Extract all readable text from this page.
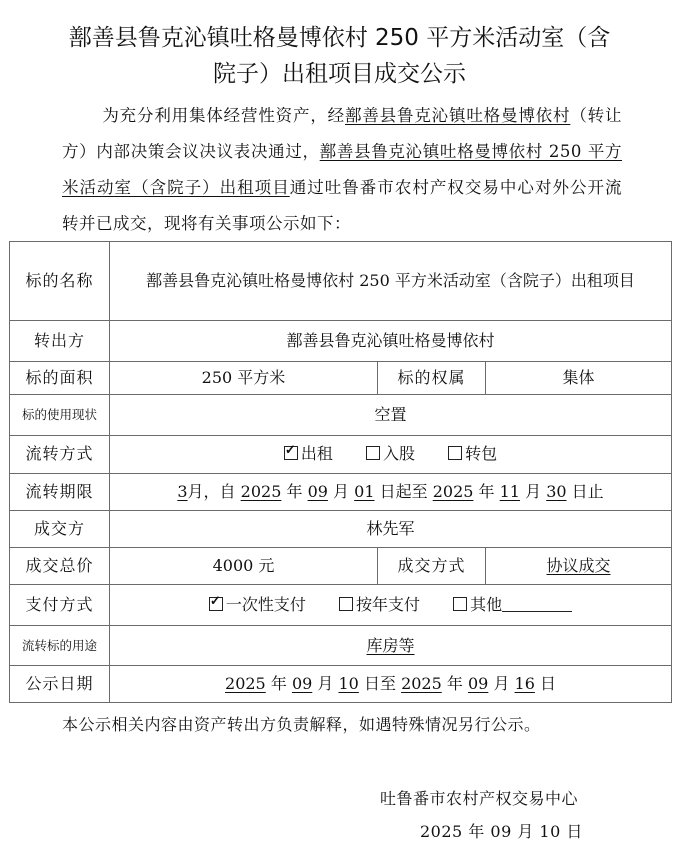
鄯善县鲁克沁镇吐格曼博依村 250 平方米活动室（含
院子）出租项目成交公示
为充分利用集体经营性资产，经鄯善县鲁克沁镇吐格曼博依村（转让方）内部决策会议决议表决通过，鄯善县鲁克沁镇吐格曼博依村 250 平方米活动室（含院子）出租项目通过吐鲁番市农村产权交易中心对外公开流转并已成交，现将有关事项公示如下：
标的名称	鄯善县鲁克沁镇吐格曼博依村 250 平方米活动室（含院子）出租项目		
转出方	鄯善县鲁克沁镇吐格曼博依村		
标的面积	250 平方米	标的权属	集体
标的使用现状	空置		
流转方式	✓出租 入股 转包
流转期限	3月，自 2025 年 09 月 01 日起至 2025 年 11 月 30 日止		
成交方	林先军		
成交总价	4000 元	成交方式	协议成交
支付方式	✓一次性支付 按年支付 其他
流转标的用途	库房等		
公示日期	2025 年 09 月 10 日至 2025 年 09 月 16 日		
本公示相关内容由资产转出方负责解释，如遇特殊情况另行公示。
吐鲁番市农村产权交易中心
2025 年 09 月 10 日
